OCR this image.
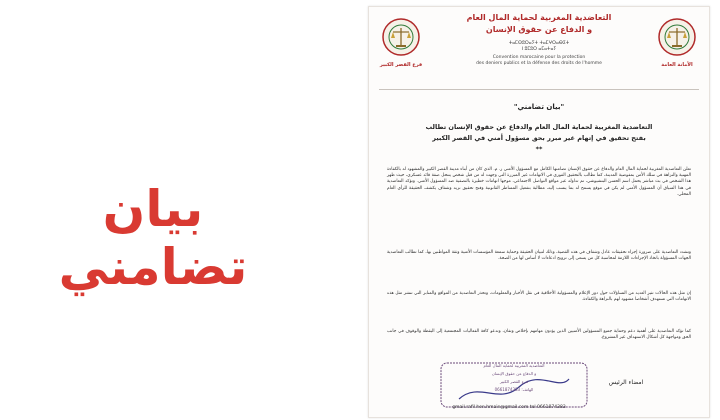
بيان تضامني
فرع القصر الكبير	الأمانة العامة
التعاضدية المغربية لحماية المال العام
و الدفاع عن حقوق الإنسان
ⵜⴰⵎⵙⵓⵔⴰⵢⵜ ⵜⴰⵎⵖⵔⴰⴱⵉⵜ
ⵏ ⵓⵎⵓⵔ ⴰⵎⴰⵜⴰⵢ
Convention marocaine pour la protection
des deniers publics et la défense des droits de l'homme
"بيان تضامني"
التعاضدية المغربية لحماية المال العام والدفاع عن حقوق الإنسان تطالب
بفتح تحقيق في إتهام غير مبرر بحق مسؤول أمني في القصر الكبير
**
تعلن التعاضدية المغربية لحماية المال العام والدفاع عن حقوق الإنسان تضامنها الكامل مع المسؤول الأمني ر. م. الذي كان من أبناء مدينة القصر الكبير والمشهود له بالكفاءة المهنية والنزاهة في سلك الأمن بمفوضية المدينة، كما تطالب بالتحقيق الفوري في الاتهامات غير المبررة التي وجهت له من قبل شخص ينتحل صفة قائد عسكري، حيث ظهر هذا الشخص في بث مباشر يحمل اسم الحسن البتشيوشي، تم تداوله عبر مواقع التواصل الاجتماعي، موجها اتهامات خطيرة بالتصفية ضد المسؤول الأمني. وتؤكد التعاضدية في هذا السياق أن المسؤول الأمني لم يكن في موقع يسمح له بما ينسب إليه، مطالبة بتفعيل المساطر القانونية وفتح تحقيق نزيه وشفاف يكشف الحقيقة للرأي العام المحلي.
وتشدد التعاضدية على ضرورة إجراء تحقيقات عادل وشفاف في هذه القضية، وذلك لتبيان الحقيقة وحماية سمعة المؤسسات الأمنية وثقة المواطنين بها، كما تطالب التعاضدية الجهات المسؤولة باتخاذ الإجراءات اللازمة لمحاسبة كل من يسعى إلى ترويج ادعاءات لا أساس لها من الصحة.
إن مثل هذه الحالات تثير العديد من التساؤلات حول دور الإعلام والمسؤولية الأخلاقية في نقل الأخبار والمعلومات، وتحذر التعاضدية من المواقع والمنابر التي تنشر مثل هذه الاتهامات التي تستهدف أشخاصا مشهود لهم بالنزاهة والكفاءة.
كما تؤكد التعاضدية على أهمية دعم وحماية جميع المسؤولين الأمنيين الذين يؤدون مهامهم بإخلاص وتفان، وتدعو كافة الفعاليات المجتمعية إلى اليقظة والوقوف في جانب الحق ومواجهة كل أشكال الاستهداف غير المشروع.
التعاضدية المغربية لحماية المال العام
و الدفاع عن حقوق الإنسان
فرع القصر الكبير
الهاتف: 0661874383
امضاء الرئيس
gmail.rafil.hen.hmain@gmail.com tel 0661874383
